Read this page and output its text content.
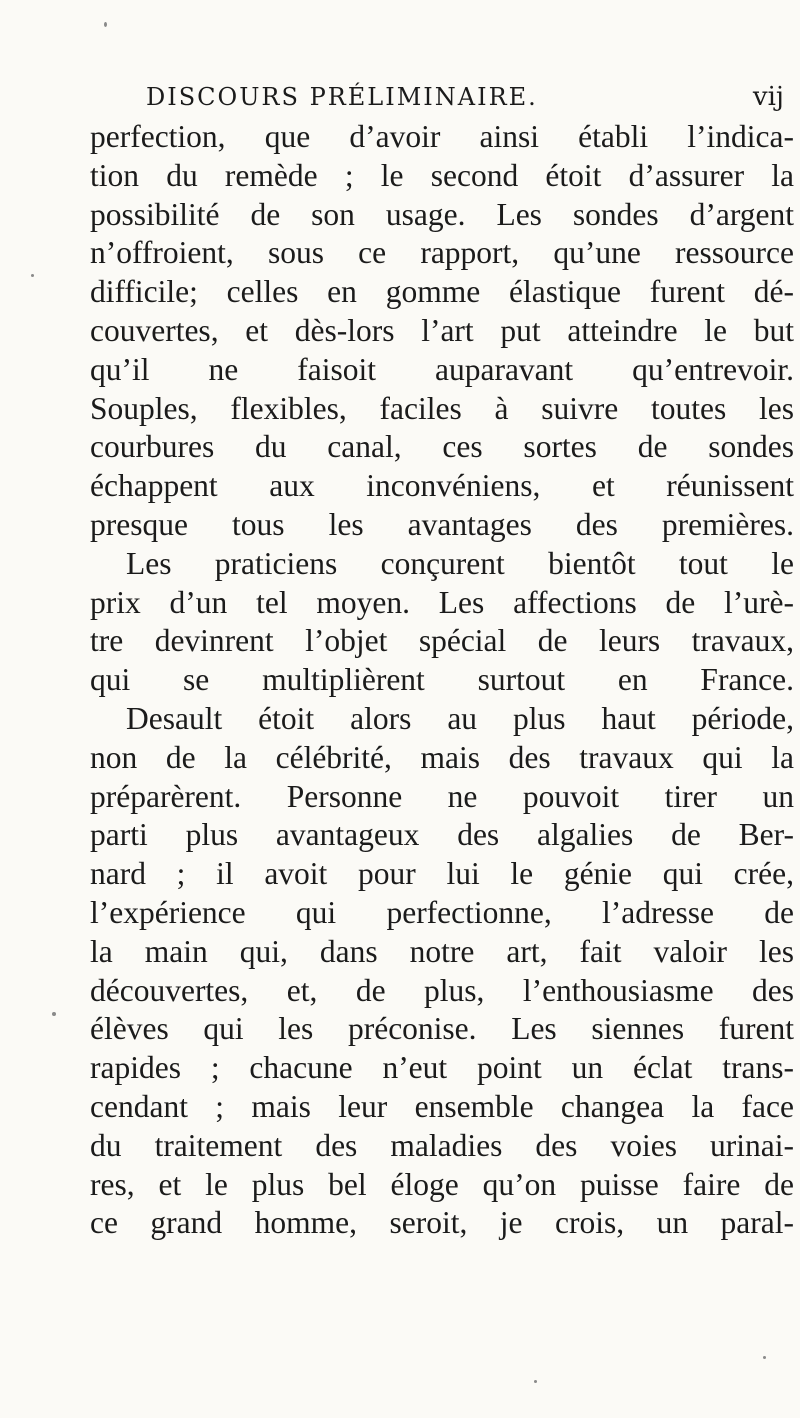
DISCOURS PRÉLIMINAIRE.	vij
perfection, que d’avoir ainsi établi l’indica-
tion du remède ; le second étoit d’assurer la
possibilité de son usage. Les sondes d’argent
n’offroient, sous ce rapport, qu’une ressource
difficile; celles en gomme élastique furent dé-
couvertes, et dès-lors l’art put atteindre le but
qu’il ne faisoit auparavant qu’entrevoir.
Souples, flexibles, faciles à suivre toutes les
courbures du canal, ces sortes de sondes
échappent aux inconvéniens, et réunissent
presque tous les avantages des premières.
Les praticiens conçurent bientôt tout le
prix d’un tel moyen. Les affections de l’urè-
tre devinrent l’objet spécial de leurs travaux,
qui se multiplièrent surtout en France.
Desault étoit alors au plus haut période,
non de la célébrité, mais des travaux qui la
préparèrent. Personne ne pouvoit tirer un
parti plus avantageux des algalies de Ber-
nard ; il avoit pour lui le génie qui crée,
l’expérience qui perfectionne, l’adresse de
la main qui, dans notre art, fait valoir les
découvertes, et, de plus, l’enthousiasme des
élèves qui les préconise. Les siennes furent
rapides ; chacune n’eut point un éclat trans-
cendant ; mais leur ensemble changea la face
du traitement des maladies des voies urinai-
res, et le plus bel éloge qu’on puisse faire de
ce grand homme, seroit, je crois, un paral-
